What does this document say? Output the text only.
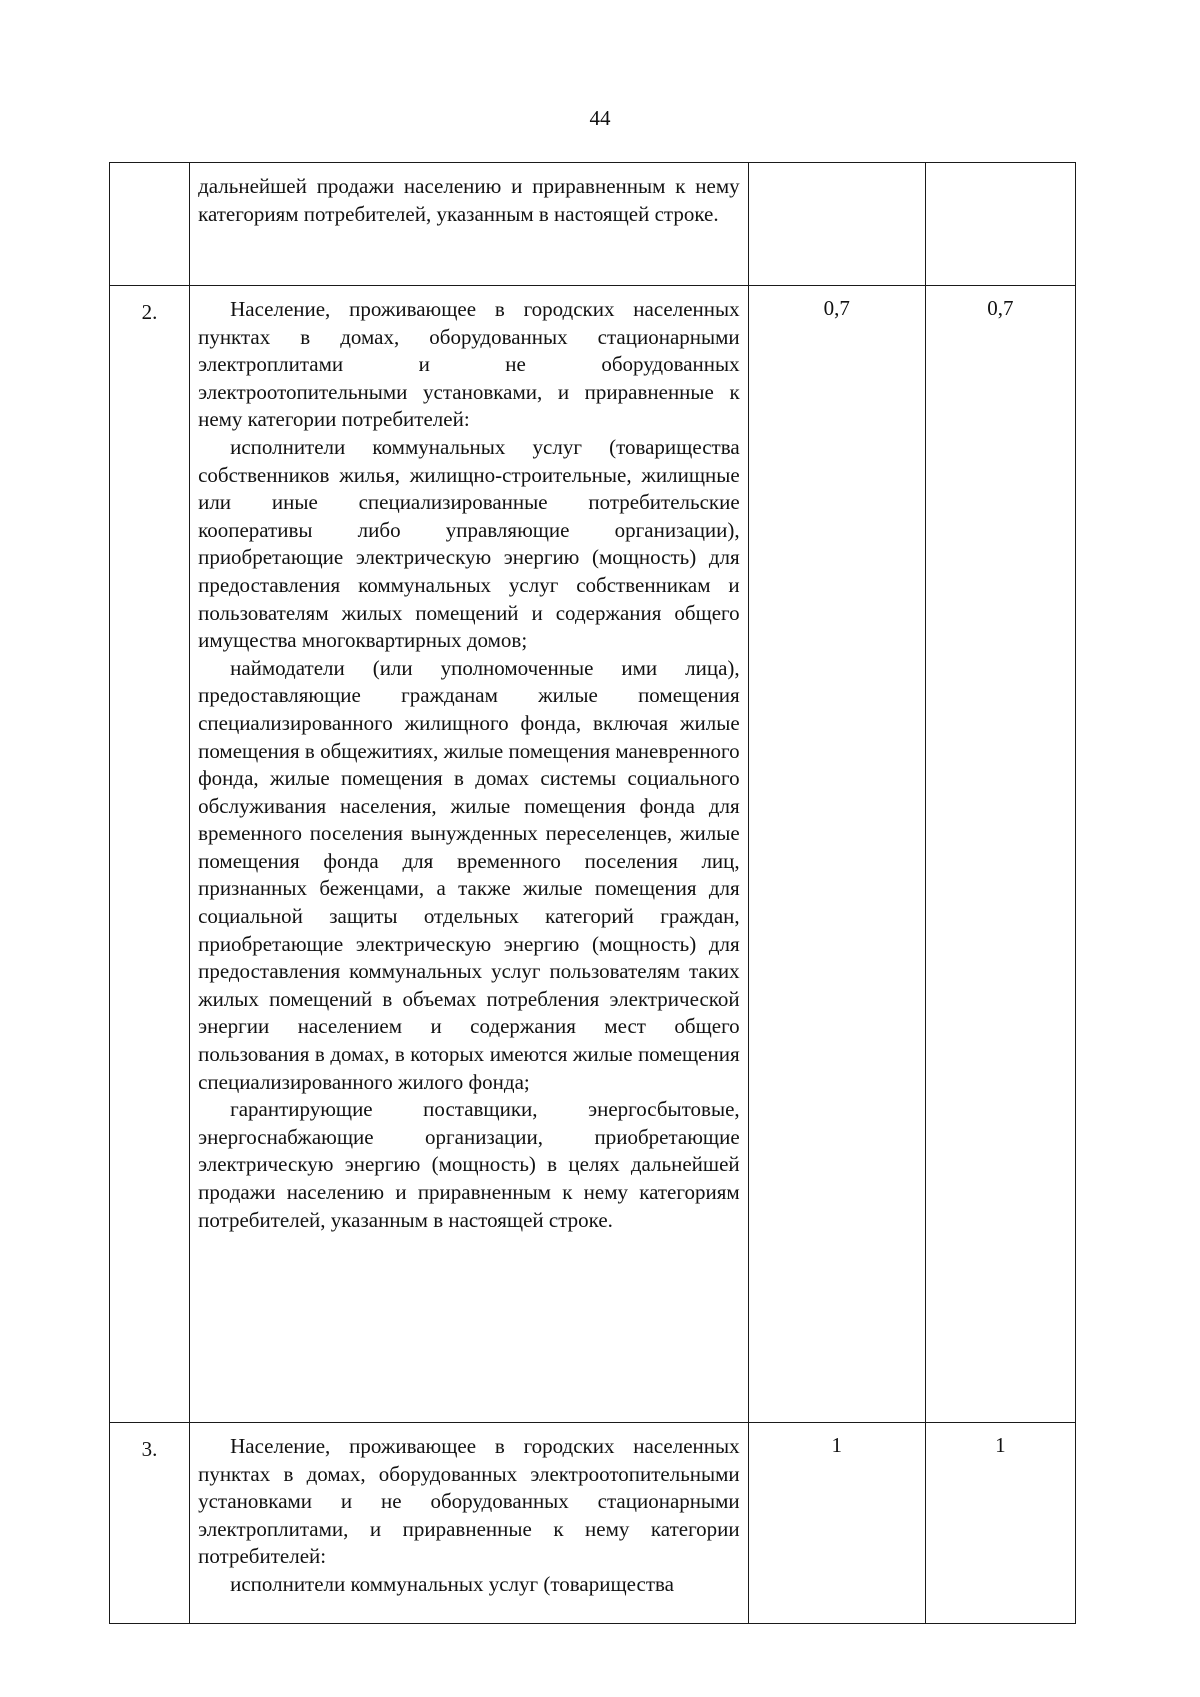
44

	дальнейшей продажи населению и приравненным к нему категориям потребителей, указанным в настоящей строке.		

2.	Население, проживающее в городских населенных пунктах в домах, оборудованных стационарными электроплитами и не оборудованных электроотопительными установками, и приравненные к нему категории потребителей:

исполнители коммунальных услуг (товарищества собственников жилья, жилищно-строительные, жилищные или иные специализированные потребительские кооперативы либо управляющие организации), приобретающие электрическую энергию (мощность) для предоставления коммунальных услуг собственникам и пользователям жилых помещений и содержания общего имущества многоквартирных домов;

наймодатели (или уполномоченные ими лица), предоставляющие гражданам жилые помещения специализированного жилищного фонда, включая жилые помещения в общежитиях, жилые помещения маневренного фонда, жилые помещения в домах системы социального обслуживания населения, жилые помещения фонда для временного поселения вынужденных переселенцев, жилые помещения фонда для временного поселения лиц, признанных беженцами, а также жилые помещения для социальной защиты отдельных категорий граждан, приобретающие электрическую энергию (мощность) для предоставления коммунальных услуг пользователям таких жилых помещений в объемах потребления электрической энергии населением и содержания мест общего пользования в домах, в которых имеются жилые помещения специализированного жилого фонда;

гарантирующие поставщики, энергосбытовые, энергоснабжающие организации, приобретающие электрическую энергию (мощность) в целях дальнейшей продажи населению и приравненным к нему категориям потребителей, указанным в настоящей строке.	0,7	0,7
3.	Население, проживающее в городских населенных пунктах в домах, оборудованных электроотопительными установками и не оборудованных стационарными электроплитами, и приравненные к нему категории потребителей:

исполнители коммунальных услуг (товарищества	1	1
